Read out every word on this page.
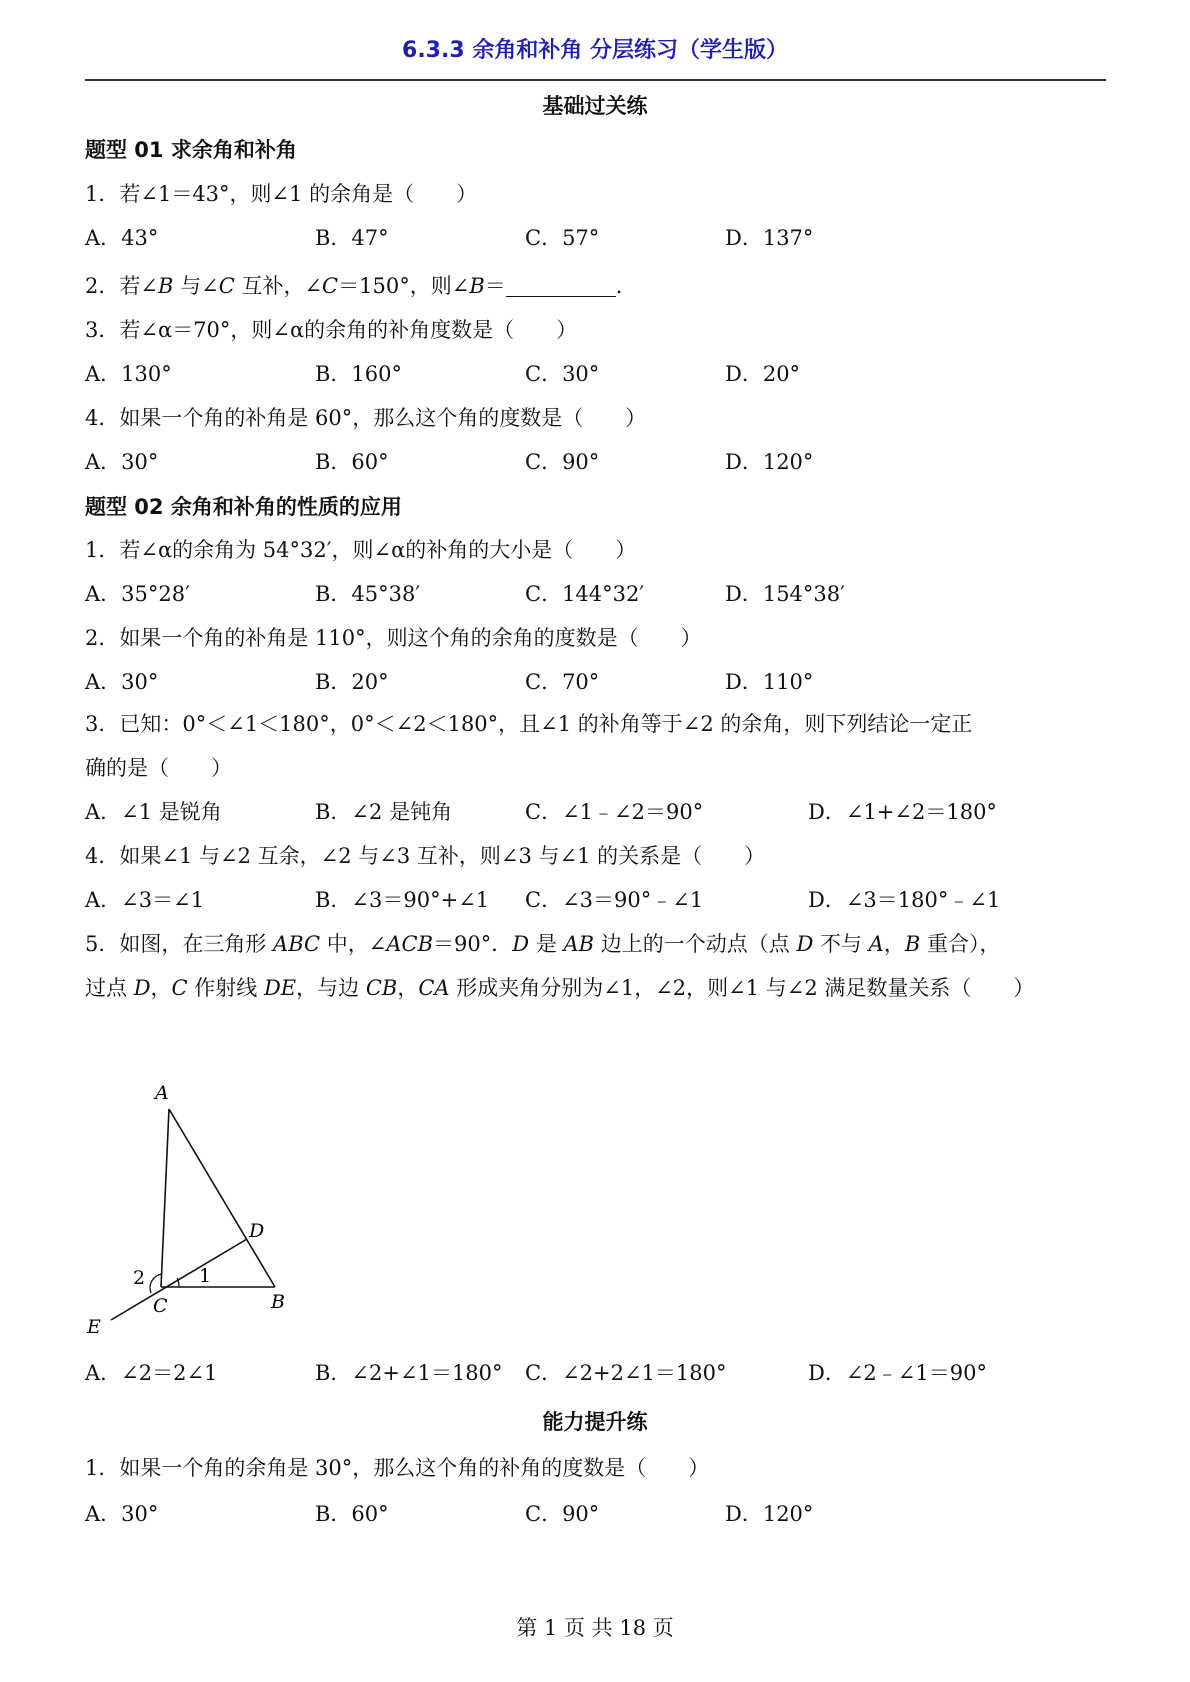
6.3.3 余角和补角 分层练习（学生版）
基础过关练
题型 01 求余角和补角
1．若∠1＝43°，则∠1 的余角是（　　）
A．43°	B．47°	C．57°	D．137°
2．若∠B 与∠C 互补，∠C＝150°，则∠B＝	.
3．若∠α＝70°，则∠α的余角的补角度数是（　　）
A．130°	B．160°	C．30°	D．20°
4．如果一个角的补角是 60°，那么这个角的度数是（　　）
A．30°	B．60°	C．90°	D．120°
题型 02 余角和补角的性质的应用
1．若∠α的余角为 54°32′，则∠α的补角的大小是（　　）
A．35°28′	B．45°38′	C．144°32′	D．154°38′
2．如果一个角的补角是 110°，则这个角的余角的度数是（　　）
A．30°	B．20°	C．70°	D．110°
3．已知：0°＜∠1＜180°，0°＜∠2＜180°，且∠1 的补角等于∠2 的余角，则下列结论一定正
确的是（　　）
A．∠1 是锐角	B．∠2 是钝角	C．∠1﹣∠2＝90°	D．∠1+∠2＝180°
4．如果∠1 与∠2 互余，∠2 与∠3 互补，则∠3 与∠1 的关系是（　　）
A．∠3＝∠1	B．∠3＝90°+∠1 C．∠3＝90°﹣∠1	D．∠3＝180°﹣∠1
5．如图，在三角形 ABC 中，∠ACB＝90°．D 是 AB 边上的一个动点（点 D 不与 A，B 重合），
过点 D，C 作射线 DE，与边 CB，CA 形成夹角分别为∠1，∠2，则∠1 与∠2 满足数量关系（　　）
A
D
2	1
C	B
E
A．∠2＝2∠1	B．∠2+∠1＝180° C．∠2+2∠1＝180°	D．∠2﹣∠1＝90°
能力提升练
1．如果一个角的余角是 30°，那么这个角的补角的度数是（　　）
A．30°	B．60°	C．90°	D．120°
第 1 页 共 18 页
